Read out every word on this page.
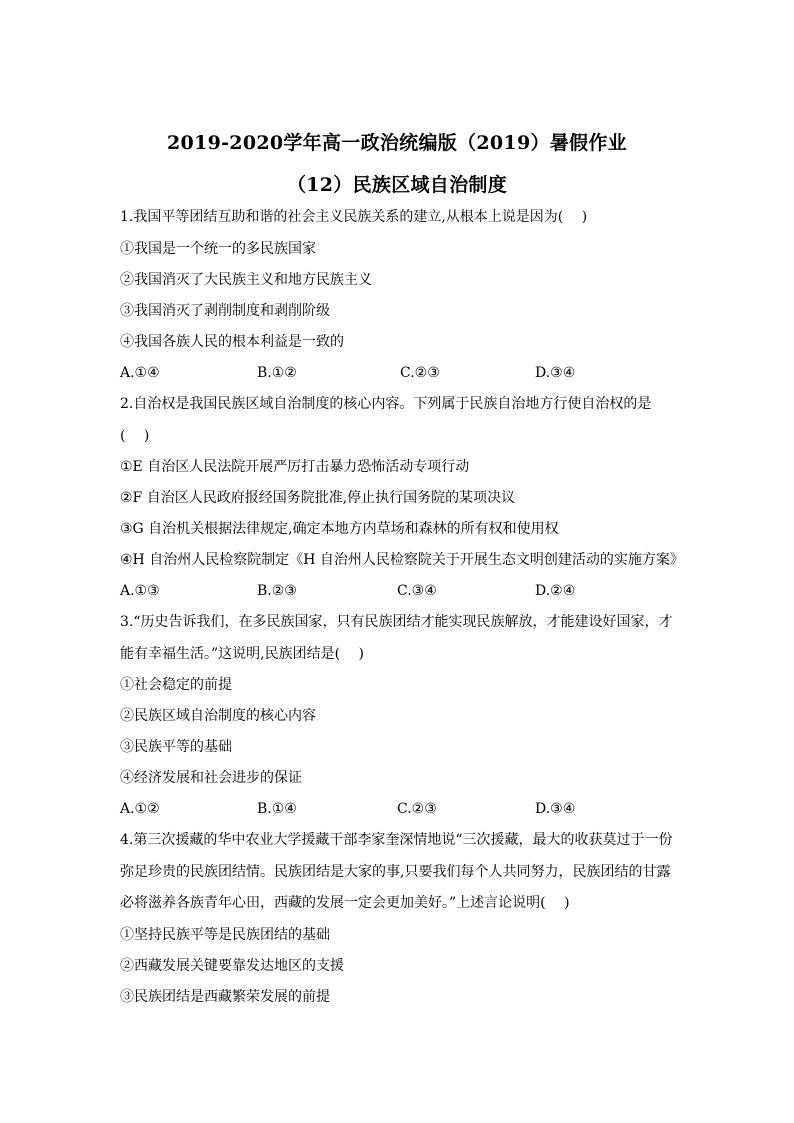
2019-2020学年高一政治统编版（2019）暑假作业
（12）民族区域自治制度
1.我国平等团结互助和谐的社会主义民族关系的建立,从根本上说是因为(　 )
①我国是一个统一的多民族国家
②我国消灭了大民族主义和地方民族主义
③我国消灭了剥削制度和剥削阶级
④我国各族人民的根本利益是一致的
A.①④	B.①②	C.②③	D.③④
2.自治权是我国民族区域自治制度的核心内容。下列属于民族自治地方行使自治权的是
(　 )
①E 自治区人民法院开展严厉打击暴力恐怖活动专项行动
②F 自治区人民政府报经国务院批准,停止执行国务院的某项决议
③G 自治机关根据法律规定,确定本地方内草场和森林的所有权和使用权
④H 自治州人民检察院制定《H 自治州人民检察院关于开展生态文明创建活动的实施方案》
A.①③	B.②③	C.③④	D.②④
3.“历史告诉我们，在多民族国家，只有民族团结才能实现民族解放，才能建设好国家，才
能有幸福生活。”这说明,民族团结是(　 )
①社会稳定的前提
②民族区域自治制度的核心内容
③民族平等的基础
④经济发展和社会进步的保证
A.①②	B.①④	C.②③	D.③④
4.第三次援藏的华中农业大学援藏干部李家奎深情地说“三次援藏，最大的收获莫过于一份
弥足珍贵的民族团结情。民族团结是大家的事,只要我们每个人共同努力，民族团结的甘露
必将滋养各族青年心田，西藏的发展一定会更加美好。”上述言论说明(　 )
①坚持民族平等是民族团结的基础
②西藏发展关键要靠发达地区的支援
③民族团结是西藏繁荣发展的前提
